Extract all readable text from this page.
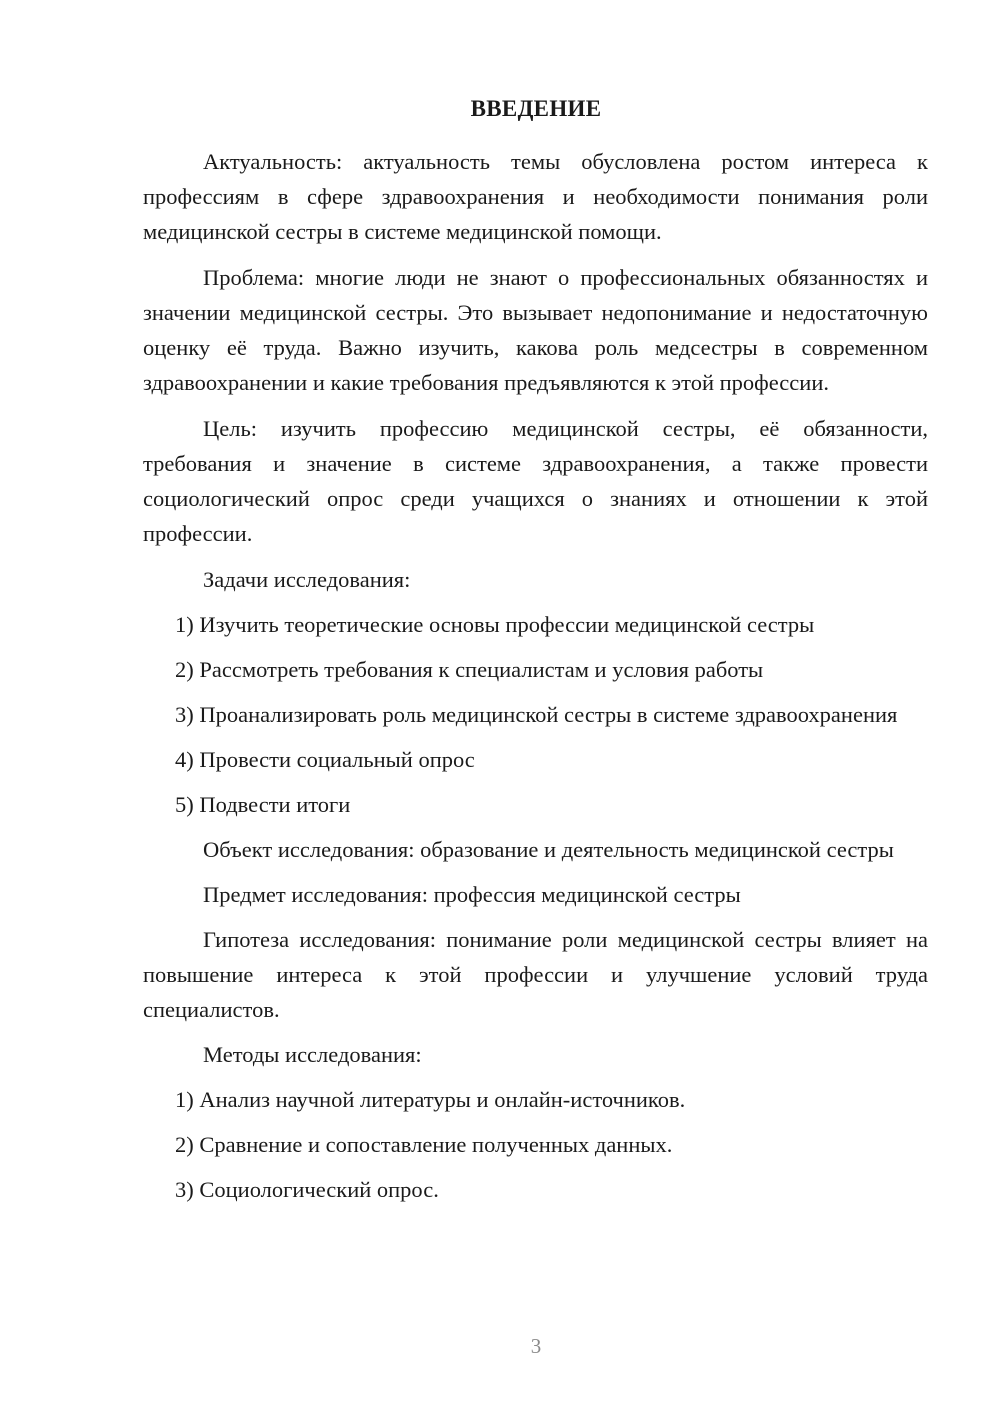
ВВЕДЕНИЕ

Актуальность: актуальность темы обусловлена ростом интереса к профессиям в сфере здравоохранения и необходимости понимания роли медицинской сестры в системе медицинской помощи.

Проблема: многие люди не знают о профессиональных обязанностях и значении медицинской сестры. Это вызывает недопонимание и недостаточную оценку её труда. Важно изучить, какова роль медсестры в современном здравоохранении и какие требования предъявляются к этой профессии.

Цель: изучить профессию медицинской сестры, её обязанности, требования и значение в системе здравоохранения, а также провести социологический опрос среди учащихся о знаниях и отношении к этой профессии.

Задачи исследования:

1) Изучить теоретические основы профессии медицинской сестры

2) Рассмотреть требования к специалистам и условия работы

3) Проанализировать роль медицинской сестры в системе здравоохранения

4) Провести социальный опрос

5) Подвести итоги

Объект исследования: образование и деятельность медицинской сестры

Предмет исследования: профессия медицинской сестры

Гипотеза исследования: понимание роли медицинской сестры влияет на повышение интереса к этой профессии и улучшение условий труда специалистов.

Методы исследования:

1) Анализ научной литературы и онлайн-источников.

2) Сравнение и сопоставление полученных данных.

3) Социологический опрос.

3
